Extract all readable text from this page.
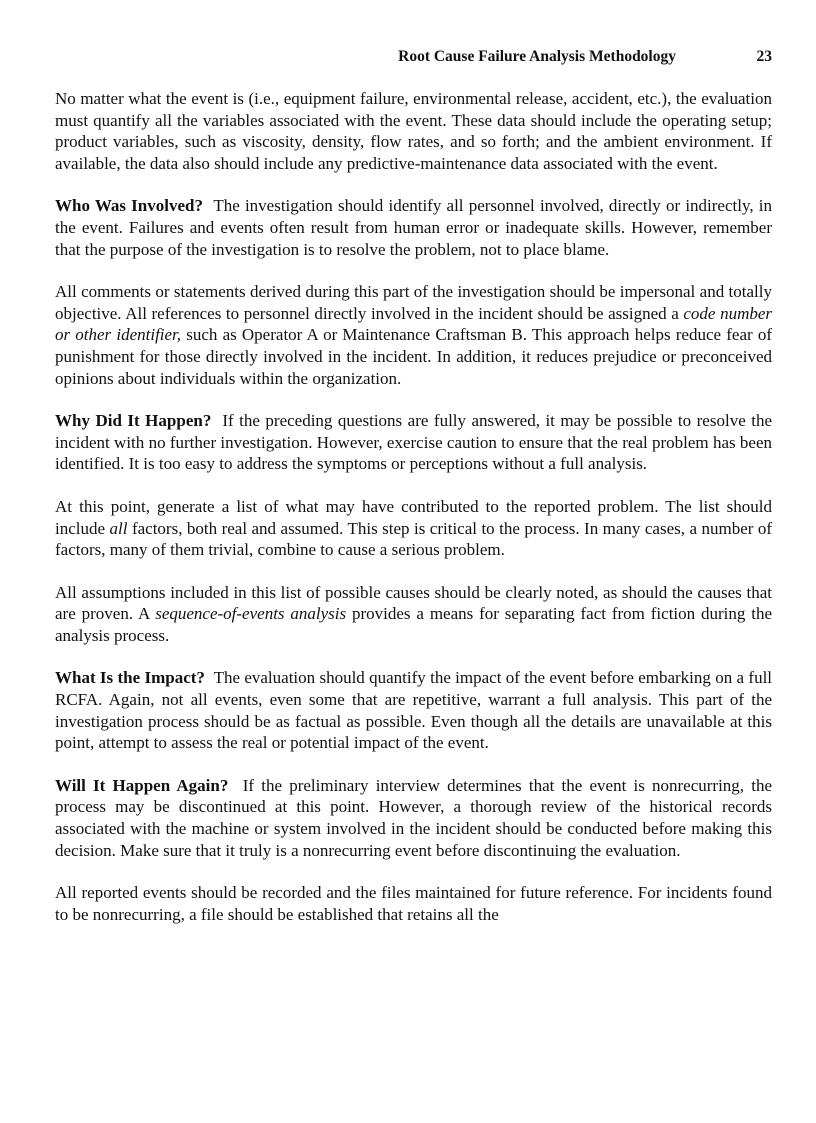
Root Cause Failure Analysis Methodology	23

No matter what the event is (i.e., equipment failure, environmental release, accident, etc.), the evaluation must quantify all the variables associated with the event. These data should include the operating setup; product variables, such as viscosity, density, flow rates, and so forth; and the ambient environment. If available, the data also should include any predictive-maintenance data associated with the event.

Who Was Involved? The investigation should identify all personnel involved, directly or indirectly, in the event. Failures and events often result from human error or inadequate skills. However, remember that the purpose of the investigation is to resolve the problem, not to place blame.

All comments or statements derived during this part of the investigation should be impersonal and totally objective. All references to personnel directly involved in the incident should be assigned a code number or other identifier, such as Operator A or Maintenance Craftsman B. This approach helps reduce fear of punishment for those directly involved in the incident. In addition, it reduces prejudice or preconceived opinions about individuals within the organization.

Why Did It Happen? If the preceding questions are fully answered, it may be possible to resolve the incident with no further investigation. However, exercise caution to ensure that the real problem has been identified. It is too easy to address the symptoms or perceptions without a full analysis.

At this point, generate a list of what may have contributed to the reported problem. The list should include all factors, both real and assumed. This step is critical to the process. In many cases, a number of factors, many of them trivial, combine to cause a serious problem.

All assumptions included in this list of possible causes should be clearly noted, as should the causes that are proven. A sequence-of-events analysis provides a means for separating fact from fiction during the analysis process.

What Is the Impact? The evaluation should quantify the impact of the event before embarking on a full RCFA. Again, not all events, even some that are repetitive, warrant a full analysis. This part of the investigation process should be as factual as possible. Even though all the details are unavailable at this point, attempt to assess the real or potential impact of the event.

Will It Happen Again? If the preliminary interview determines that the event is nonrecurring, the process may be discontinued at this point. However, a thorough review of the historical records associated with the machine or system involved in the incident should be conducted before making this decision. Make sure that it truly is a nonrecurring event before discontinuing the evaluation.

All reported events should be recorded and the files maintained for future reference. For incidents found to be nonrecurring, a file should be established that retains all the
